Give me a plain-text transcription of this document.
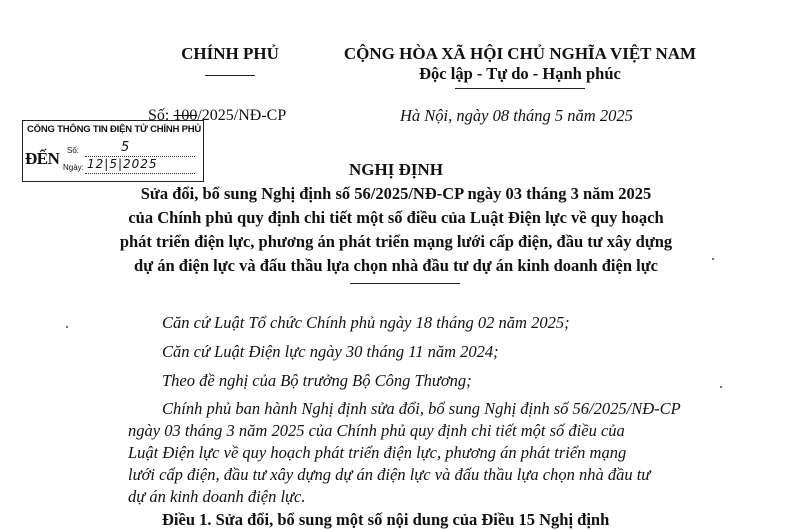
CHÍNH PHỦ	CỘNG HÒA XÃ HỘI CHỦ NGHĨA VIỆT NAM
Độc lập - Tự do - Hạnh phúc
Số: 100/2025/NĐ-CP	Hà Nội, ngày 08 tháng 5 năm 2025
CỔNG THÔNG TIN ĐIỆN TỬ CHÍNH PHỦ
ĐẾN Số:	5
Ngày: 12|5|2025	NGHỊ ĐỊNH
Sửa đổi, bổ sung Nghị định số 56/2025/NĐ-CP ngày 03 tháng 3 năm 2025
của Chính phủ quy định chi tiết một số điều của Luật Điện lực về quy hoạch
phát triển điện lực, phương án phát triển mạng lưới cấp điện, đầu tư xây dựng
dự án điện lực và đấu thầu lựa chọn nhà đầu tư dự án kinh doanh điện lực
Căn cứ Luật Tổ chức Chính phủ ngày 18 tháng 02 năm 2025;
Căn cứ Luật Điện lực ngày 30 tháng 11 năm 2024;
Theo đề nghị của Bộ trưởng Bộ Công Thương;
Chính phủ ban hành Nghị định sửa đổi, bổ sung Nghị định số 56/2025/NĐ-CP
ngày 03 tháng 3 năm 2025 của Chính phủ quy định chi tiết một số điều của
Luật Điện lực về quy hoạch phát triển điện lực, phương án phát triển mạng
lưới cấp điện, đầu tư xây dựng dự án điện lực và đấu thầu lựa chọn nhà đầu tư
dự án kinh doanh điện lực.
Điều 1. Sửa đổi, bổ sung một số nội dung của Điều 15 Nghị định
